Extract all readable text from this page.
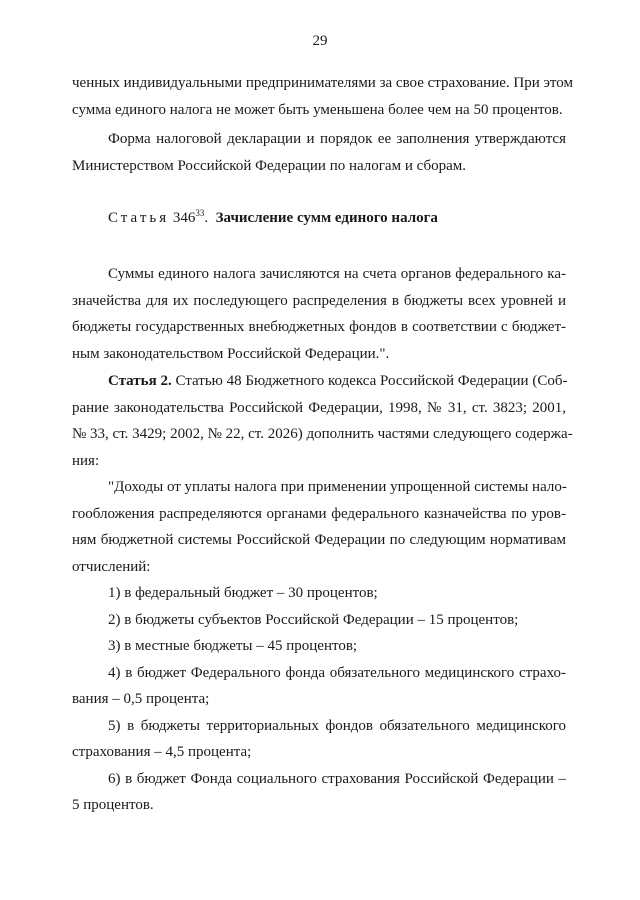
29
ченных индивидуальными предпринимателями за свое страхование. При этом
сумма единого налога не может быть уменьшена более чем на 50 процентов.
Форма налоговой декларации и порядок ее заполнения утверждаются
Министерством Российской Федерации по налогам и сборам.
Статья $346^{33}$. Зачисление сумм единого налога
Суммы единого налога зачисляются на счета органов федерального ка-
значейства для их последующего распределения в бюджеты всех уровней и
бюджеты государственных внебюджетных фондов в соответствии с бюджет-
ным законодательством Российской Федерации.".
Статья 2. Статью 48 Бюджетного кодекса Российской Федерации (Соб-
рание законодательства Российской Федерации, 1998, № 31, ст. 3823; 2001,
№ 33, ст. 3429; 2002, № 22, ст. 2026) дополнить частями следующего содержа-
ния:
"Доходы от уплаты налога при применении упрощенной системы нало-
гообложения распределяются органами федерального казначейства по уров-
ням бюджетной системы Российской Федерации по следующим нормативам
отчислений:
1) в федеральный бюджет – 30 процентов;
2) в бюджеты субъектов Российской Федерации – 15 процентов;
3) в местные бюджеты – 45 процентов;
4) в бюджет Федерального фонда обязательного медицинского страхо-
вания – 0,5 процента;
5) в бюджеты территориальных фондов обязательного медицинского
страхования – 4,5 процента;
6) в бюджет Фонда социального страхования Российской Федерации –
5 процентов.
